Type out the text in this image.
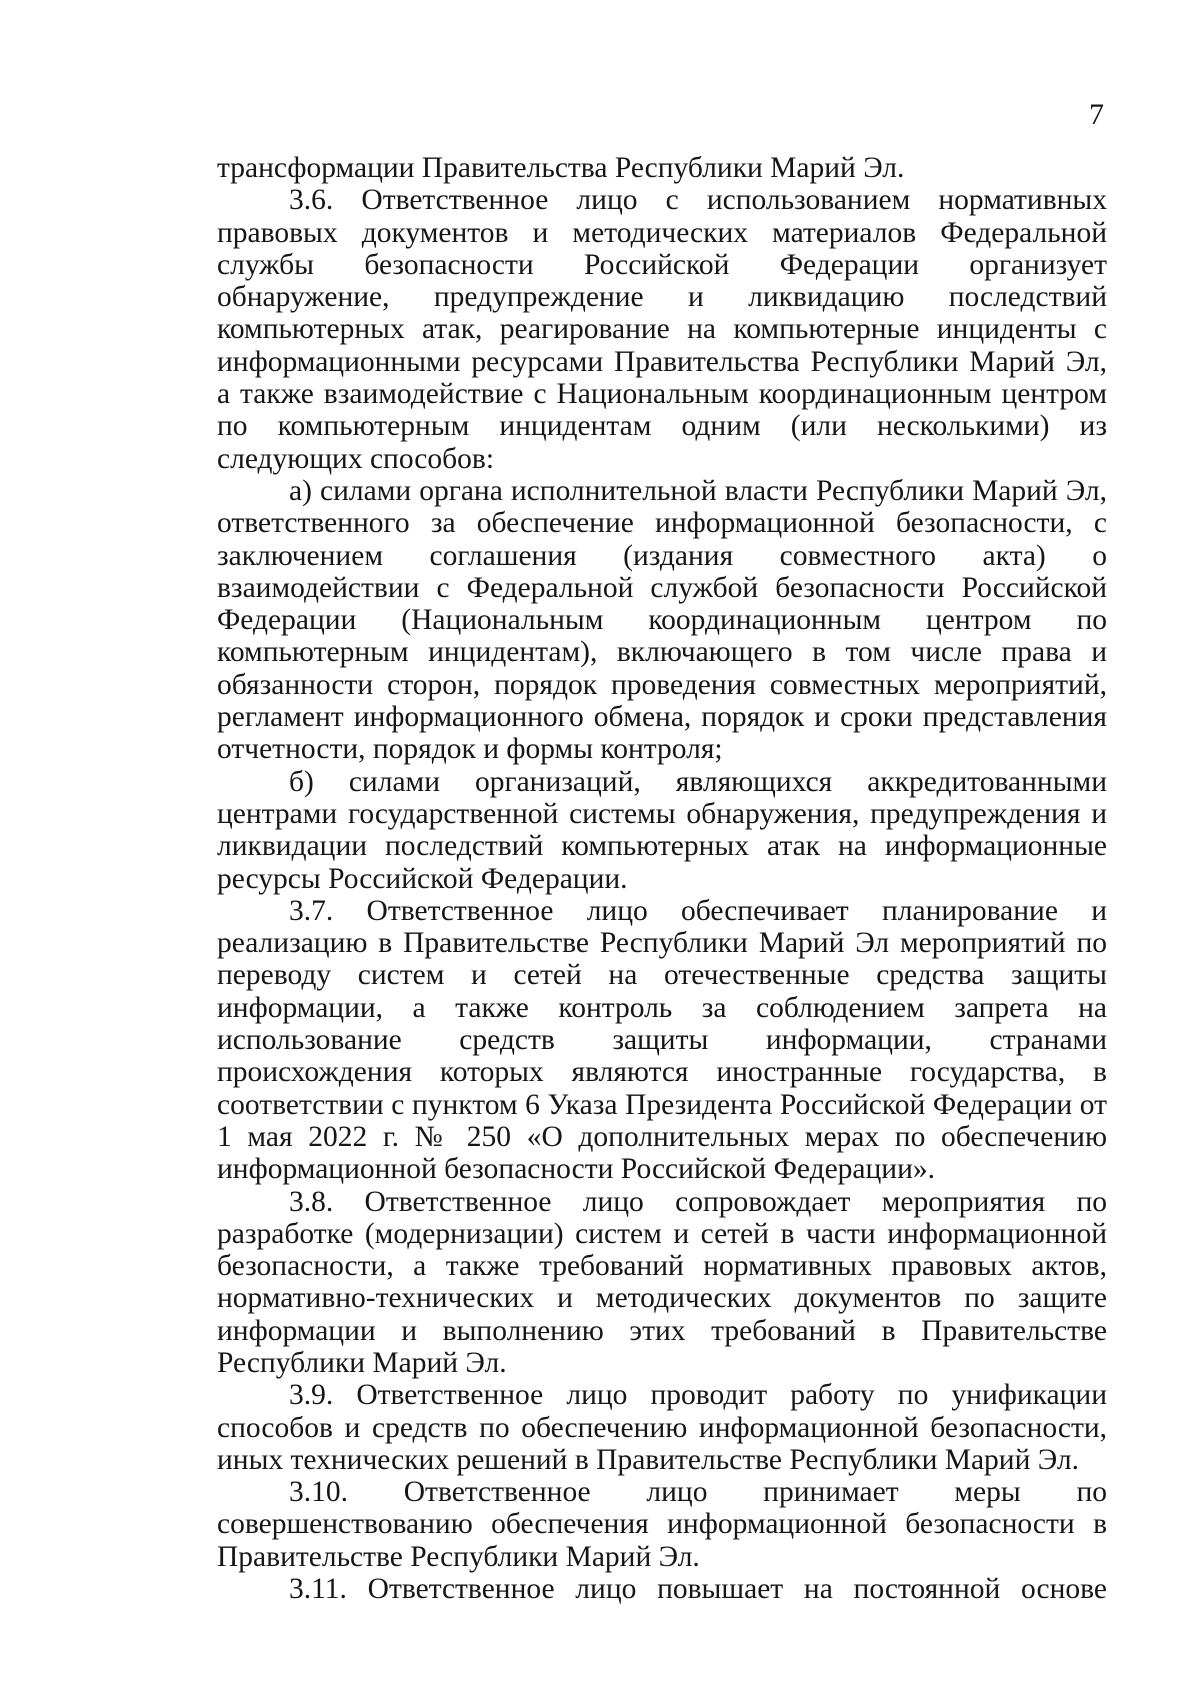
7

трансформации Правительства Республики Марий Эл.

3.6. Ответственное лицо с использованием нормативных правовых документов и методических материалов Федеральной службы безопасности Российской Федерации организует обнаружение, предупреждение и ликвидацию последствий компьютерных атак, реагирование на компьютерные инциденты с информационными ресурсами Правительства Республики Марий Эл, а также взаимодействие с Национальным координационным центром по компьютерным инцидентам одним (или несколькими) из следующих способов:

а) силами органа исполнительной власти Республики Марий Эл, ответственного за обеспечение информационной безопасности, с заключением соглашения (издания совместного акта) о взаимодействии с Федеральной службой безопасности Российской Федерации (Национальным координационным центром по компьютерным инцидентам), включающего в том числе права и обязанности сторон, порядок проведения совместных мероприятий, регламент информационного обмена, порядок и сроки представления отчетности, порядок и формы контроля;

б) силами организаций, являющихся аккредитованными центрами государственной системы обнаружения, предупреждения и ликвидации последствий компьютерных атак на информационные ресурсы Российской Федерации.

3.7. Ответственное лицо обеспечивает планирование и реализацию в Правительстве Республики Марий Эл мероприятий по переводу систем и сетей на отечественные средства защиты информации, а также контроль за соблюдением запрета на использование средств защиты информации, странами происхождения которых являются иностранные государства, в соответствии с пунктом 6 Указа Президента Российской Федерации от 1 мая 2022 г. № 250 «О дополнительных мерах по обеспечению информационной безопасности Российской Федерации».

3.8. Ответственное лицо сопровождает мероприятия по разработке (модернизации) систем и сетей в части информационной безопасности, а также требований нормативных правовых актов, нормативно-технических и методических документов по защите информации и выполнению этих требований в Правительстве Республики Марий Эл.

3.9. Ответственное лицо проводит работу по унификации способов и средств по обеспечению информационной безопасности, иных технических решений в Правительстве Республики Марий Эл.

3.10. Ответственное лицо принимает меры по совершенствованию обеспечения информационной безопасности в Правительстве Республики Марий Эл.

3.11. Ответственное лицо повышает на постоянной основе
